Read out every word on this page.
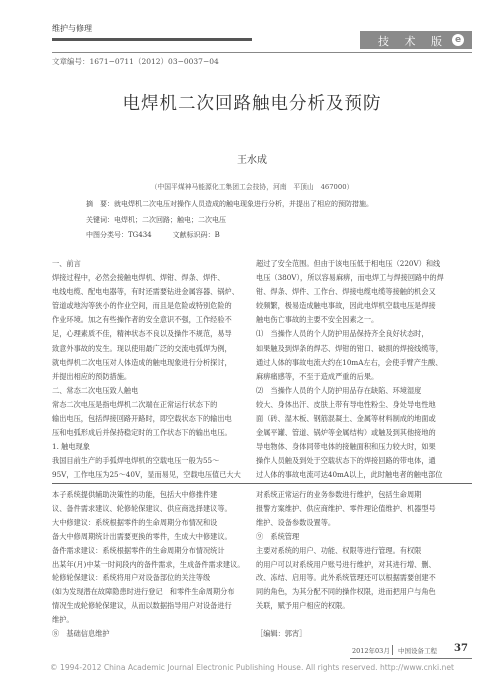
维护与修理
技 术 版 e
文章编号：1671−0711（2012）03−0037−04
电焊机二次回路触电分析及预防
王水成
（中国平煤神马能源化工集团工会技协，河南　平顶山　467000）
摘　要：就电焊机二次电压对操作人员造成的触电现象进行分析，并提出了相应的预防措施。
关键词：电焊机；二次回路；触电；二次电压
中图分类号：TG434　　　文献标识码：B

一、前言

焊接过程中，必然会接触电焊机、焊钳、焊条、焊件、

电线电缆、配电电器等，有时还需要钻进金属容器、锅炉、

管道或地沟等狭小的作业空间，而且是危险或特别危险的

作业环境。加之有些操作者的安全意识不强，工作经验不

足，心理素质不佳，精神状态不良以及操作不规范，易导

致意外事故的发生。现以使用最广泛的交流电弧焊为例，

就电焊机二次电压对人体造成的触电现象进行分析探讨，

并提出相应的预防措施。

二、常态二次电压致人触电

常态二次电压是指电焊机二次端在正常运行状态下的

输出电压，包括焊接回路开路时，即空载状态下的输出电

压和电弧形成后并保持稳定时的工作状态下的输出电压。

1. 触电现象

我国目前生产的手弧焊电焊机的空载电压一般为55～

95V，工作电压为25～40V，显而易见，空载电压值已大大

超过了安全范围。但由于该电压低于相电压（220V）和线

电压（380V），所以容易麻痹，而电焊工与焊接回路中的焊

钳、焊条、焊件、工作台、焊接电缆电缆等接触的机会又

较频繁，极易造成触电事故，因此电焊机空载电压是焊接

触电伤亡事故的主要不安全因素之一。

⑴　当操作人员的个人防护用品保持齐全良好状态时，

如果触及到焊条的焊芯、焊钳的钳口、破损的焊接线缆等，

通过人体的事故电流大约在10mA左右，会使手臂产生酸、

麻痹痛感等，不至于造成严重的后果。

⑵　当操作人员的个人防护用品存在缺陷、环境湿度

较大、身体出汗、皮肤上带有导电性粉尘、身处导电性地

面（砖、湿木板、钢筋混凝土、金属等材料制成的地面或

金属平罐、管道、锅炉等金属结构）或触及到其他接地的

导电物体、身体同带电体的接触面积和压力较大时，如果

操作人员触及到处于空载状态下的焊接回路的带电体，通

过人体的事故电流可达40mA以上，此时触电者的触电部位

本子系统提供辅助决策性的功能，包括大中修推件建

议、备件需求建议、轮修轮保建议、供应商选择建议等。

大中修建议：系统根据零件的生命周期分布情况和设

备大中修周期统计出需要更换的零件，生成大中修建议。

备件需求建议：系统根据零件的生命周期分布情况统计

出某年(月)中某一时间段内的备件需求，生成备件需求建议。

轮修轮保建议：系统将用户对设备部位的关注等级

(如为发现潜在故障隐患时进行登记　和零件生命周期分布

情况生成轮修轮保建议，从而以数据指导用户对设备进行

维护。

⑧　基础信息维护

对系统正常运行的业务参数进行维护，包括生命周期

报警方案维护、供应商维护、零件理论值维护、机器型号

维护、设备参数设置等。

⑨　系统管理

主要对系统的用户、功能、权限等进行管理。有权限

的用户可以对系统用户账号进行维护，对其进行增、删、

改、冻结、启用等。此外系统管理还可以根据需要创建不

同的角色，为其分配不同的操作权限，进而把用户与角色

关联，赋予用户相应的权限。

［编辑：郭宵］

2012年03月 中国设备工程 37
© 1994-2012 China Academic Journal Electronic Publishing House. All rights reserved. http://www.cnki.net
